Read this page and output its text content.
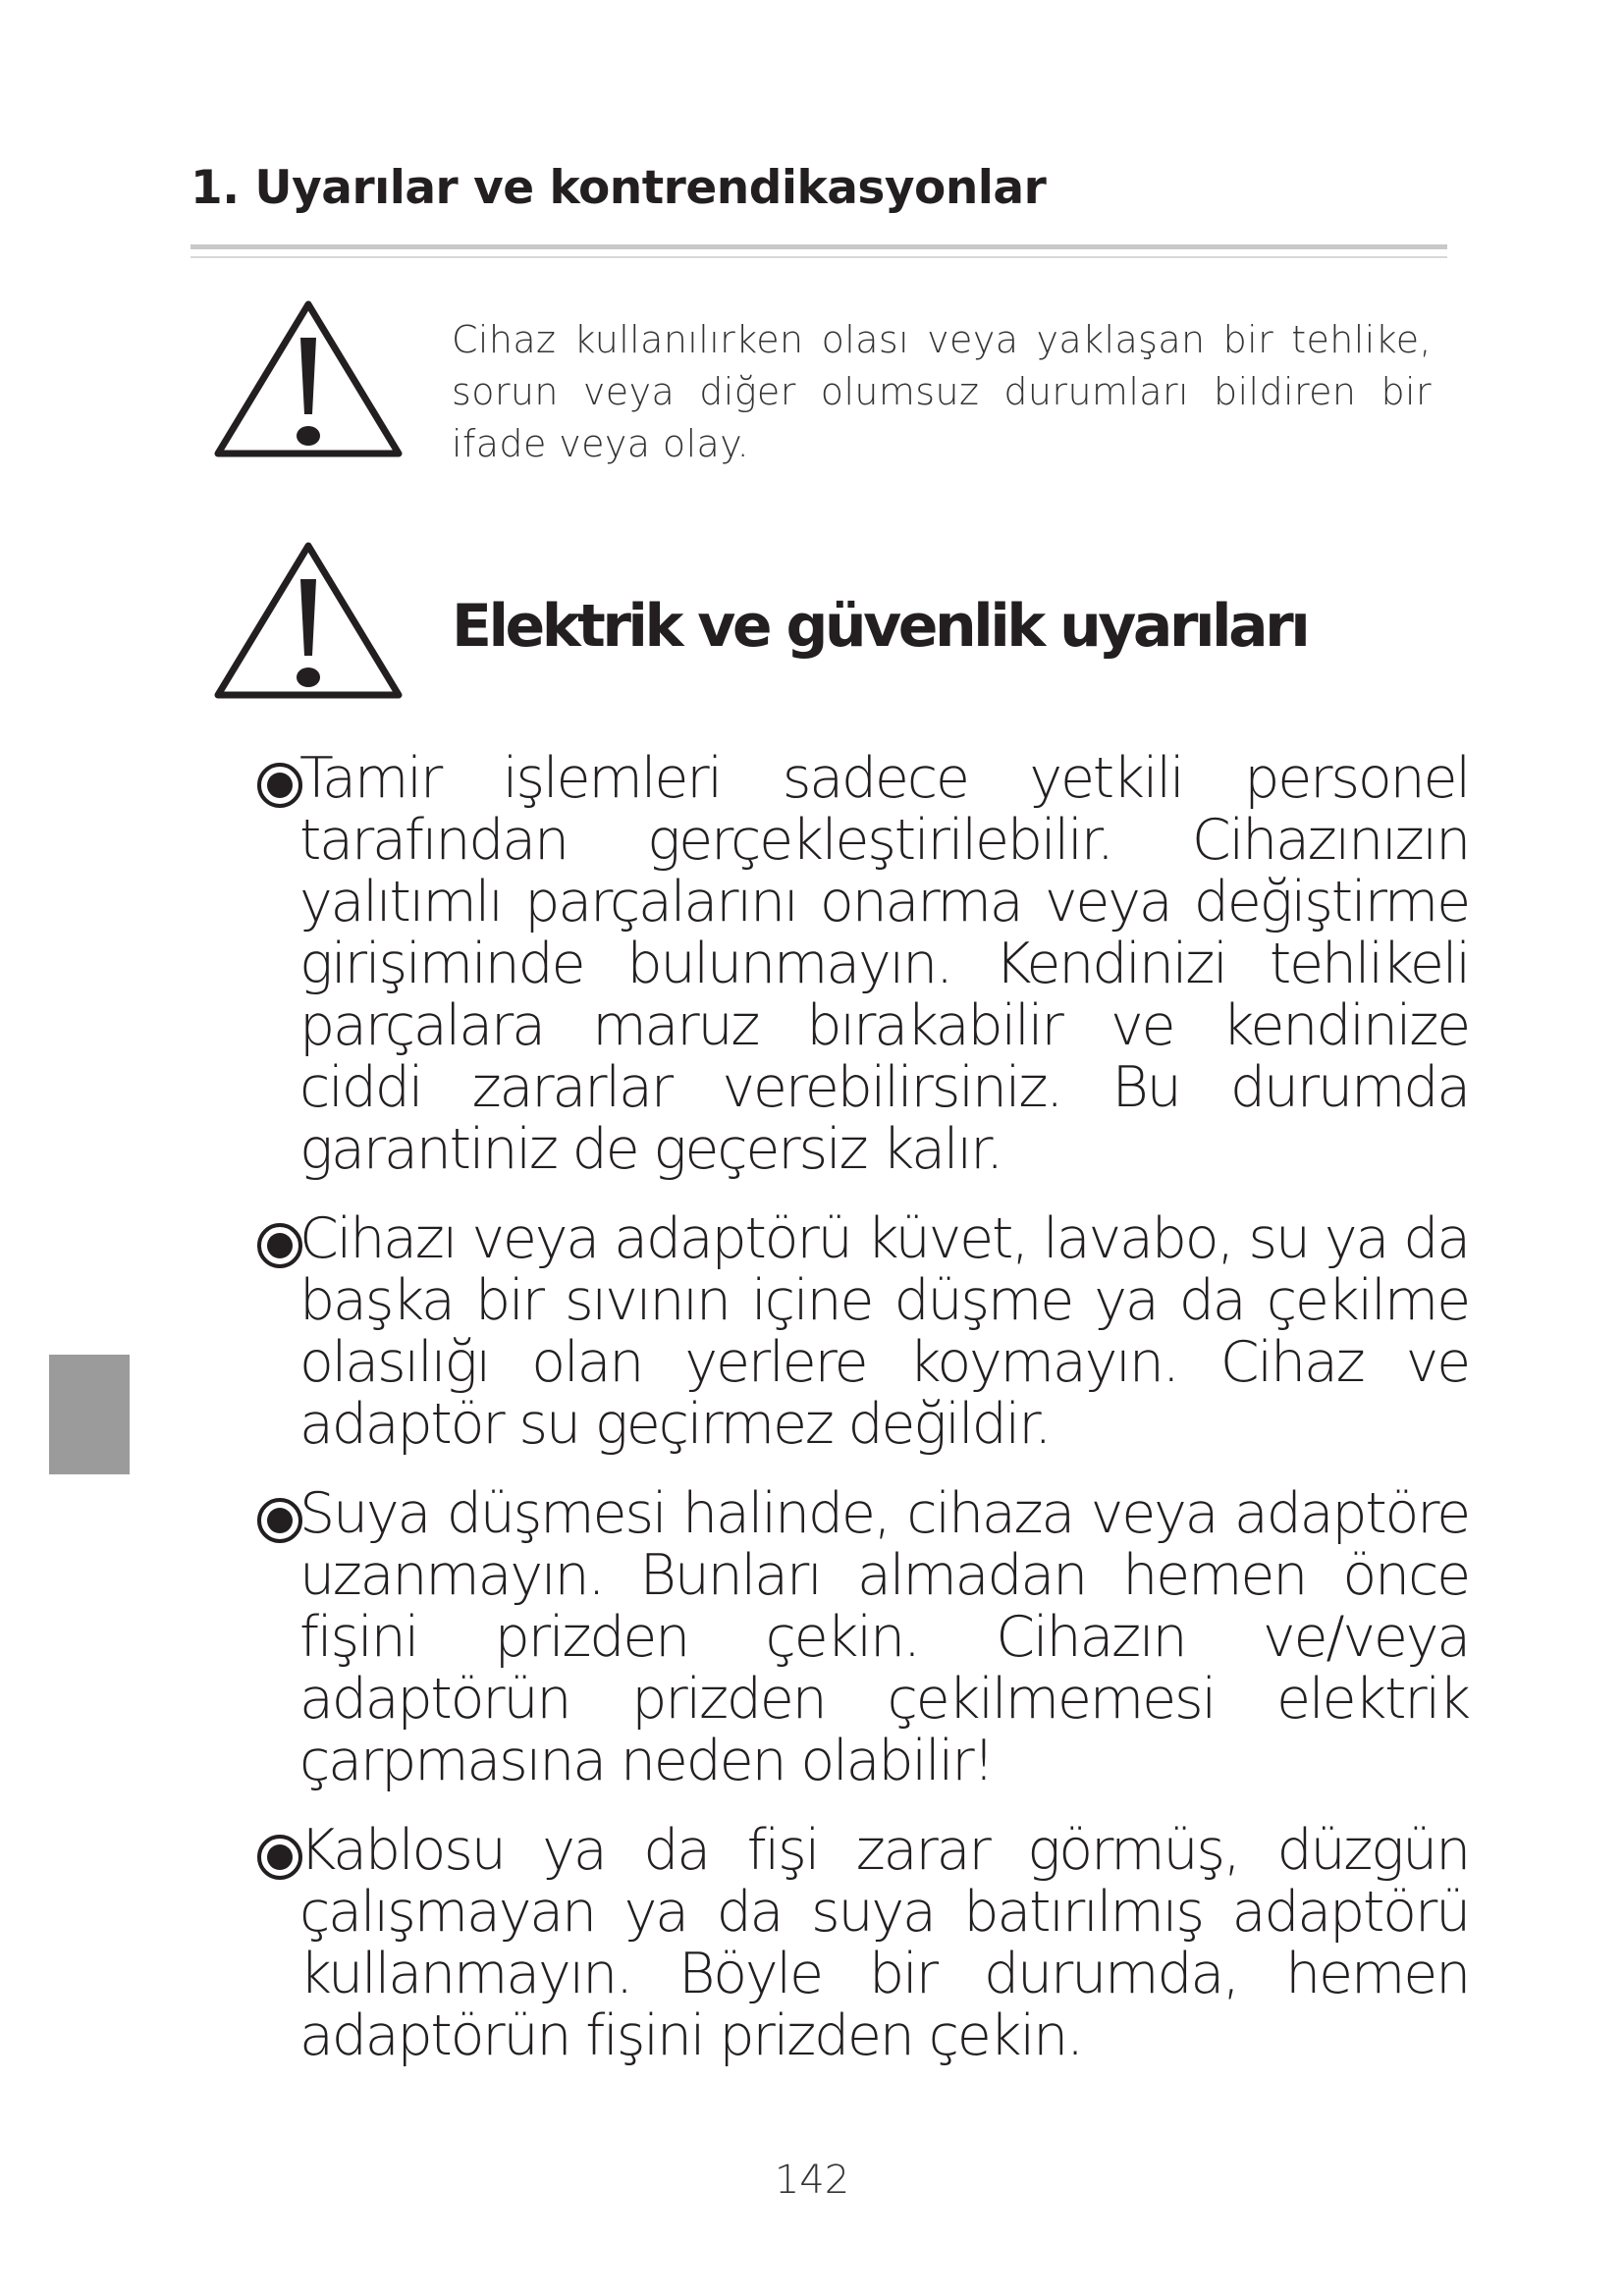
1. Uyarılar ve kontrendikasyonlar

Cihaz kullanılırken olası veya yaklaşan bir tehlike, sorun veya diğer olumsuz durumları bildiren bir ifade veya olay.

Elektrik ve güvenlik uyarıları
Tamir işlemleri sadece yetkili personel tarafından gerçekleştirilebilir. Cihazınızın yalıtımlı parçalarını onarma veya değiştirme girişiminde bulunmayın. Kendinizi tehlikeli parçalara maruz bırakabilir ve kendinize ciddi zararlar verebilirsiniz. Bu durumda garantiniz de geçersiz kalır.
Cihazı veya adaptörü küvet, lavabo, su ya da başka bir sıvının içine düşme ya da çekilme olasılığı olan yerlere koymayın. Cihaz ve adaptör su geçirmez değildir.
Suya düşmesi halinde, cihaza veya adaptöre uzanmayın. Bunları almadan hemen önce fişini prizden çekin. Cihazın ve/veya adaptörün prizden çekilmemesi elektrik çarpmasına neden olabilir!
Kablosu ya da fişi zarar görmüş, düzgün çalışmayan ya da suya batırılmış adaptörü kullanmayın. Böyle bir durumda, hemen adaptörün fişini prizden çekin.

142
